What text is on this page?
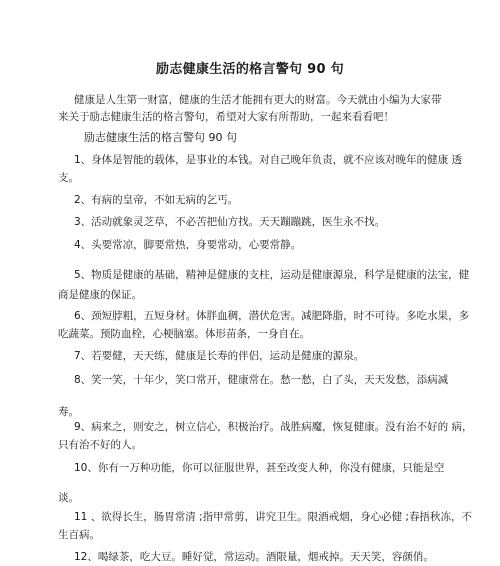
励志健康生活的格言警句 90 句
健康是人生第一财富，健康的生活才能拥有更大的财富。今天就由小编为大家带
来关于励志健康生活的格言警句，希望对大家有所帮助，一起来看看吧！
励志健康生活的格言警句 90 句
1、身体是智能的载体，是事业的本钱。对自己晚年负责，就不应该对晚年的健康 透
支。
2、有病的皇帝，不如无病的乞丐。
3、活动就象灵芝草，不必苦把仙方找。天天蹦蹦跳，医生永不找。
4、头要常凉，脚要常热，身要常动，心要常静。
5、物质是健康的基础，精神是健康的支柱，运动是健康源泉，科学是健康的法宝，健
商是健康的保证。
6、颈短脖粗，五短身材。体胖血稠，潜伏危害。减肥降脂，时不可待。多吃水果，多
吃蔬菜。预防血栓，心梗脑塞。体形苗条，一身自在。
7、若要健，天天练，健康是长寿的伴侣，运动是健康的源泉。
8、笑一笑，十年少，笑口常开，健康常在。愁一愁，白了头，天天发愁，添病减
寿。
9、病来之，则安之，树立信心，积极治疗。战胜病魔，恢复健康。没有治不好的 病，
只有治不好的人。
10、你有一万种功能，你可以征服世界，甚至改变人种，你没有健康，只能是空
谈。
11 、欲得长生，肠胃常清 ;指甲常剪，讲究卫生。限酒戒烟，身心必健 ;春捂秋冻，不
生百病。
12、喝绿茶，吃大豆。睡好觉，常运动。酒限量，烟戒掉。天天笑，容颜俏。
